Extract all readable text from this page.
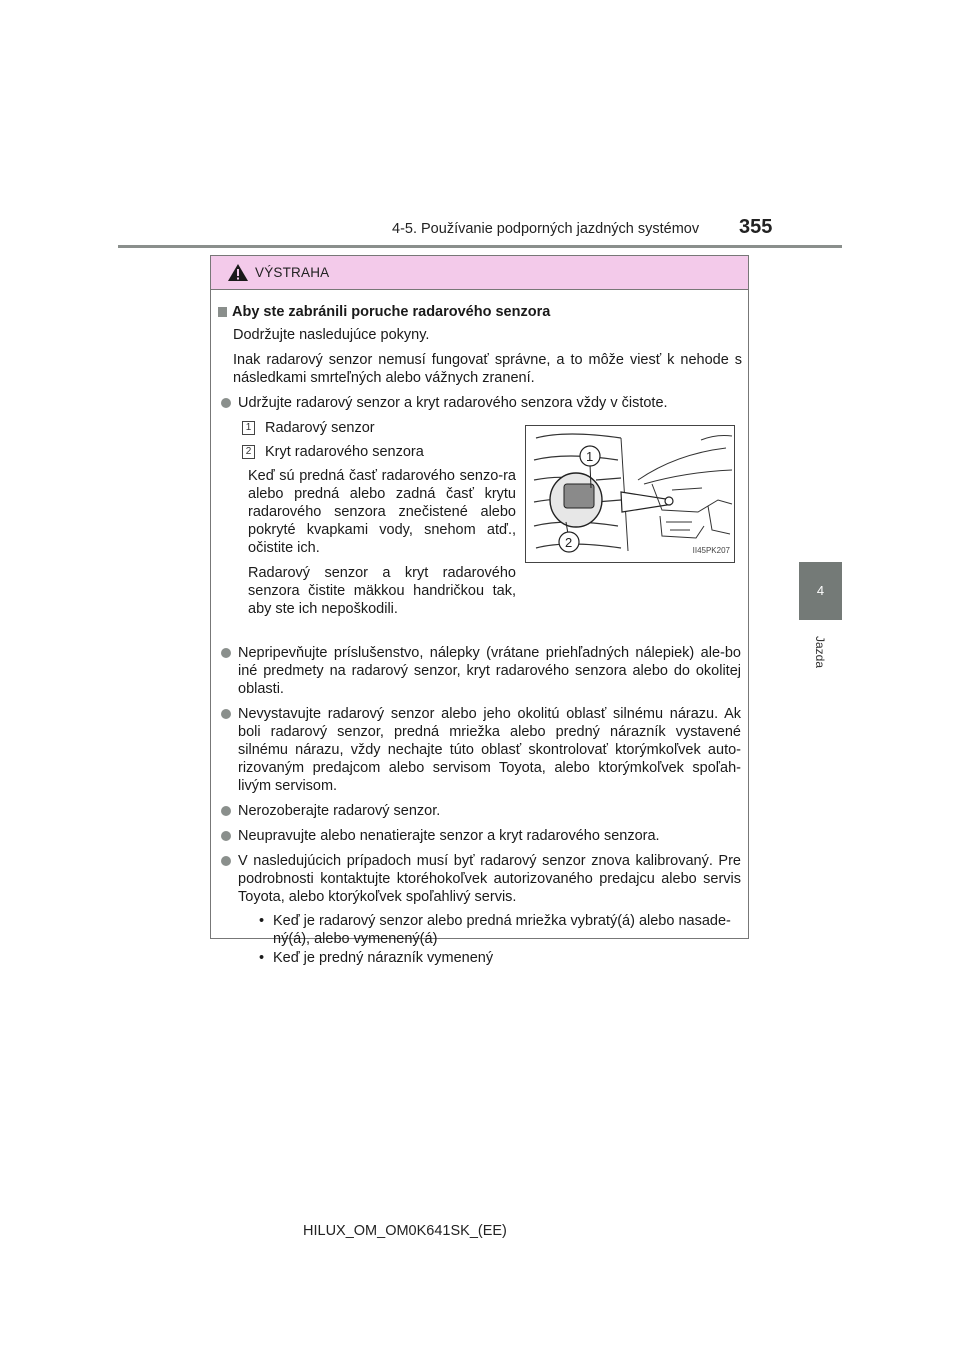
4-5. Používanie podporných jazdných systémov 355
4
Jazda
VÝSTRAHA
Aby ste zabránili poruche radarového senzora

Dodržujte nasledujúce pokyny.

Inak radarový senzor nemusí fungovať správne, a to môže viesť k nehode s následkami smrteľných alebo vážnych zranení.

Udržujte radarový senzor a kryt radarového senzora vždy v čistote.
1 Radarový senzor
2 Kryt radarového senzora

Keď sú predná časť radarového senzo-ra alebo predná alebo zadná časť krytu radarového senzora znečistené alebo pokryté kvapkami vody, snehom atď., očistite ich.

Radarový senzor a kryt radarového senzora čistite mäkkou handričkou tak, aby ste ich nepoškodili.

1
2
II45PK207
Nepripevňujte príslušenstvo, nálepky (vrátane priehľadných nálepiek) ale-bo iné predmety na radarový senzor, kryt radarového senzora alebo do okolitej oblasti.
Nevystavujte radarový senzor alebo jeho okolitú oblasť silnému nárazu. Ak boli radarový senzor, predná mriežka alebo predný nárazník vystavené silnému nárazu, vždy nechajte túto oblasť skontrolovať ktorýmkoľvek auto-rizovaným predajcom alebo servisom Toyota, alebo ktorýmkoľvek spoľah-livým servisom.
Nerozoberajte radarový senzor.
Neupravujte alebo nenatierajte senzor a kryt radarového senzora.
V nasledujúcich prípadoch musí byť radarový senzor znova kalibrovaný. Pre podrobnosti kontaktujte ktoréhokoľvek autorizovaného predajcu alebo servis Toyota, alebo ktorýkoľvek spoľahlivý servis.
• Keď je radarový senzor alebo predná mriežka vybratý(á) alebo nasade-ný(á), alebo vymenený(á)
• Keď je predný nárazník vymenený
HILUX_OM_OM0K641SK_(EE)
